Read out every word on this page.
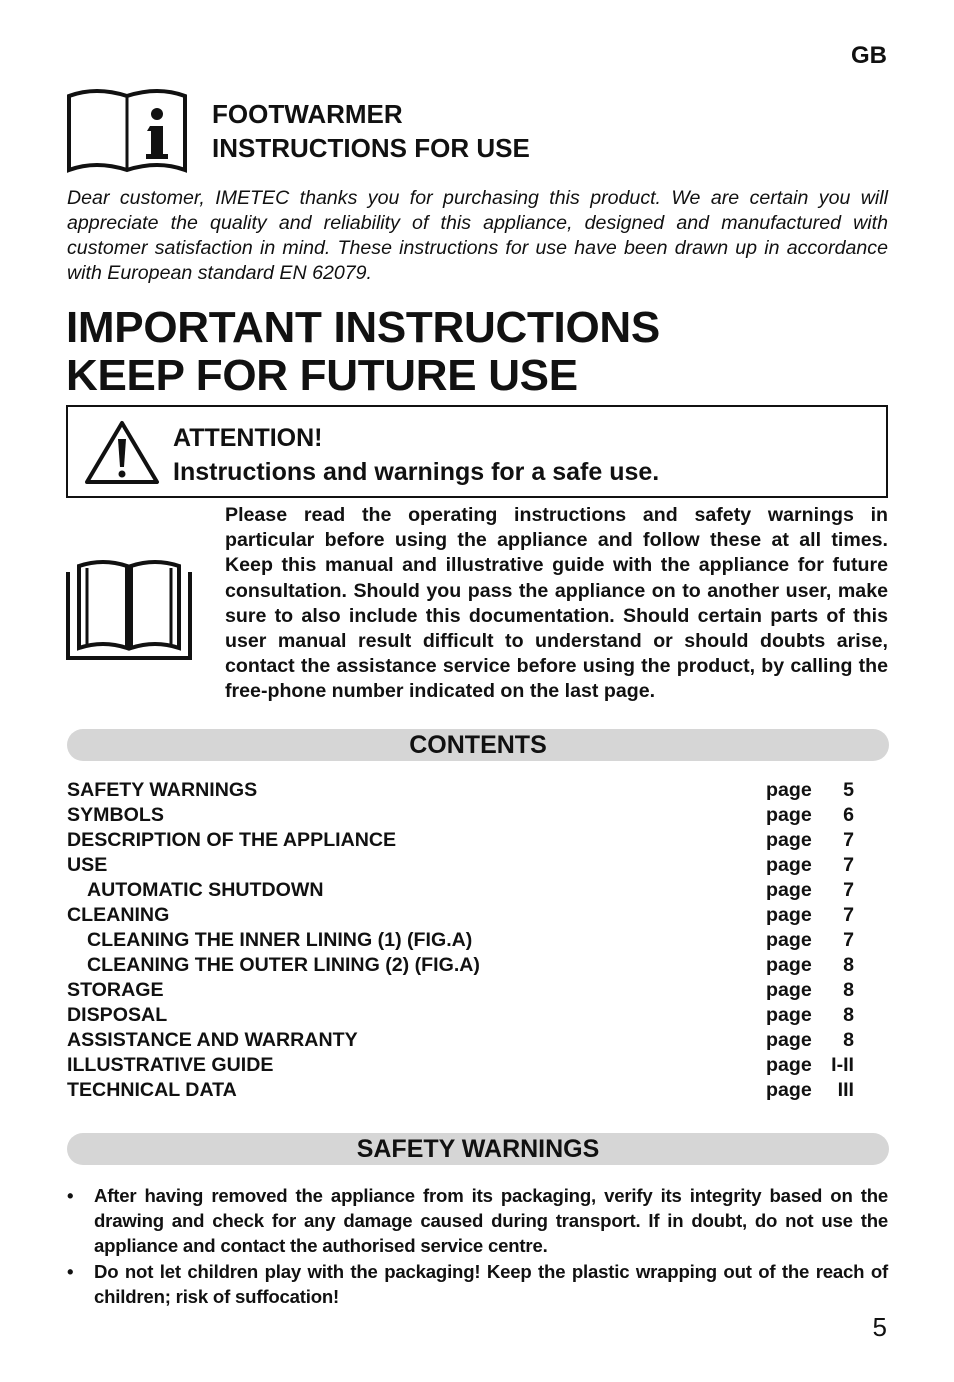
GB
FOOTWARMER
INSTRUCTIONS FOR USE
Dear customer, IMETEC thanks you for purchasing this product. We are certain you will appreciate the quality and reliability of this appliance, designed and manufactured with customer satisfaction in mind. These instructions for use have been drawn up in accordance with European standard EN 62079.
IMPORTANT INSTRUCTIONS
KEEP FOR FUTURE USE
ATTENTION!
Instructions and warnings for a safe use.
Please read the operating instructions and safety warnings in particular before using the appliance and follow these at all times. Keep this manual and illustrative guide with the appliance for future consultation. Should you pass the appliance on to another user, make sure to also include this documentation. Should certain parts of this user manual result difficult to understand or should doubts arise, contact the assistance service before using the product, by calling the free-phone number indicated on the last page.
CONTENTS
SAFETY WARNINGS	page 5
SYMBOLS	page 6
DESCRIPTION OF THE APPLIANCE	page 7
USE	page 7
AUTOMATIC SHUTDOWN	page 7
CLEANING	page 7
CLEANING THE INNER LINING (1) (FIG.A)	page 7
CLEANING THE OUTER LINING (2) (FIG.A)	page 8
STORAGE	page 8
DISPOSAL	page 8
ASSISTANCE AND WARRANTY	page 8
ILLUSTRATIVE GUIDE	page I-II
TECHNICAL DATA	page III
SAFETY WARNINGS
• After having removed the appliance from its packaging, verify its integrity based on the drawing and check for any damage caused during transport. If in doubt, do not use the appliance and contact the authorised service centre.
• Do not let children play with the packaging! Keep the plastic wrapping out of the reach of children; risk of suffocation!
5
